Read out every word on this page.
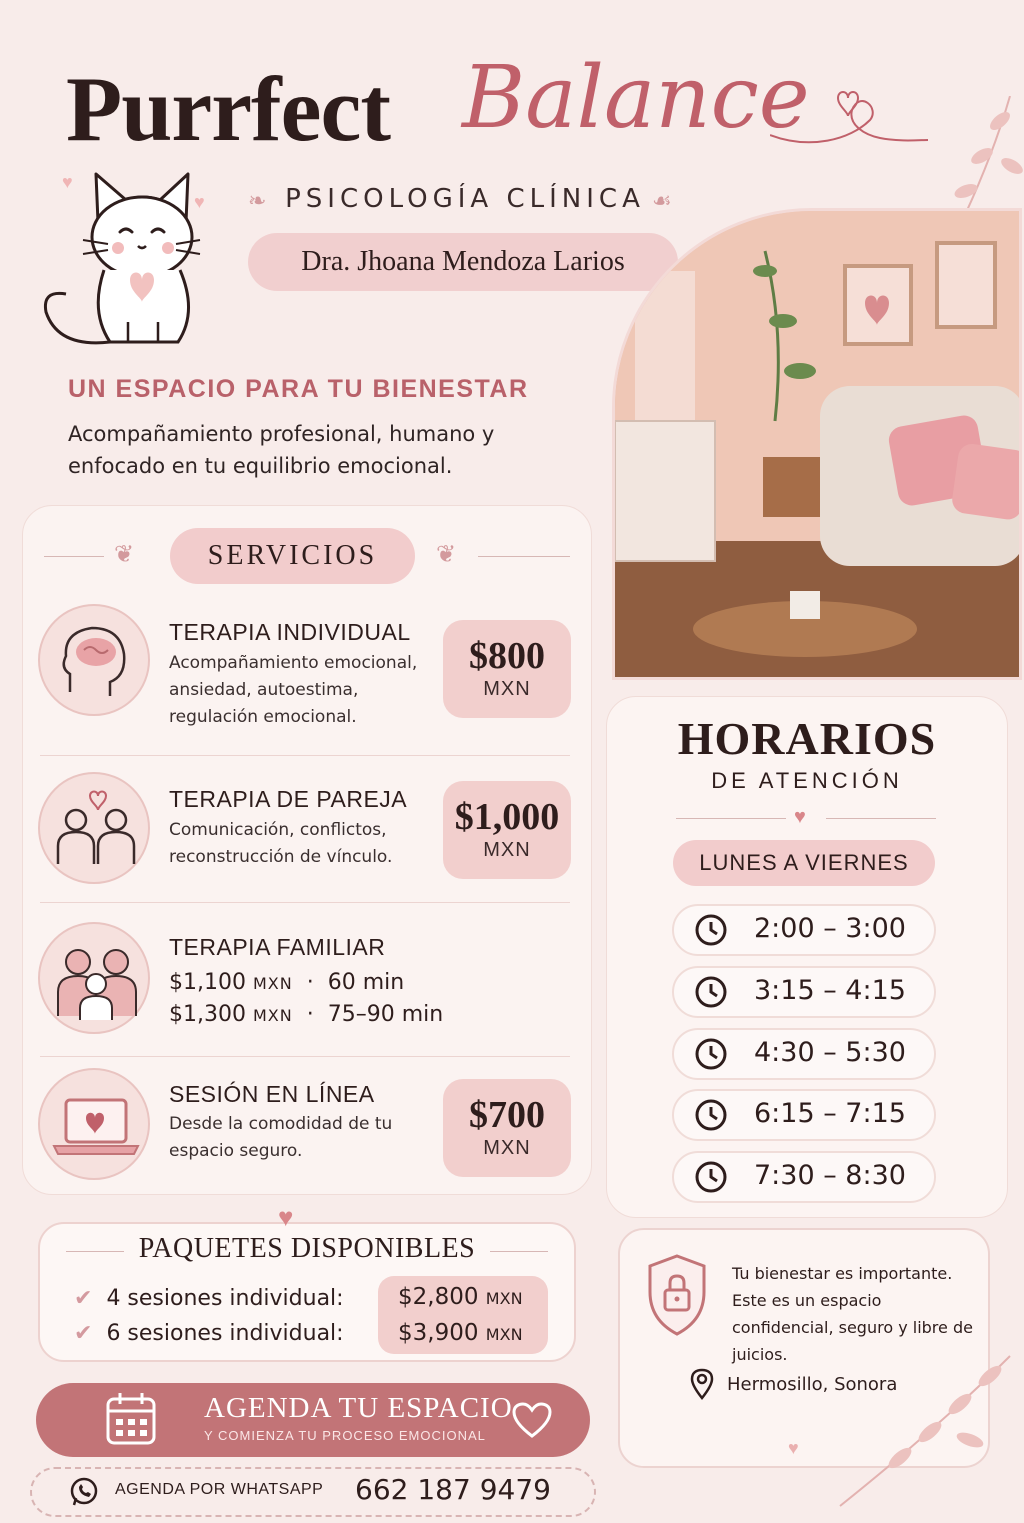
Purrfect Balance
♥
♥ ❧ PSICOLOGÍA CLÍNICA ☙
Dra. Jhoana Mendoza Larios
UN ESPACIO PARA TU BIENESTAR
Acompañamiento profesional, humano y enfocado en tu equilibrio emocional.
❦	SERVICIOS	❦
TERAPIA INDIVIDUAL
Acompañamiento emocional, ansiedad, autoestima, regulación emocional.
$800
MXN
TERAPIA DE PAREJA
Comunicación, conflictos, reconstrucción de vínculo.
$1,000
MXN
TERAPIA FAMILIAR
$1,100 MXN · 60 min
$1,300 MXN · 75–90 min
SESIÓN EN LÍNEA
Desde la comodidad de tu espacio seguro.
$700
MXN
♥
PAQUETES DISPONIBLES
✔ 4 sesiones individual:
✔ 6 sesiones individual:
$2,800 MXN
$3,900 MXN
AGENDA TU ESPACIO
Y COMIENZA TU PROCESO EMOCIONAL
AGENDA POR WHATSAPP 662 187 9479
HORARIOS
DE ATENCIÓN
♥
LUNES A VIERNES
2:00 – 3:00
3:15 – 4:15
4:30 – 5:30
6:15 – 7:15
7:30 – 8:30
Tu bienestar es importante. Este es un espacio confidencial, seguro y libre de juicios.
Hermosillo, Sonora
♥
